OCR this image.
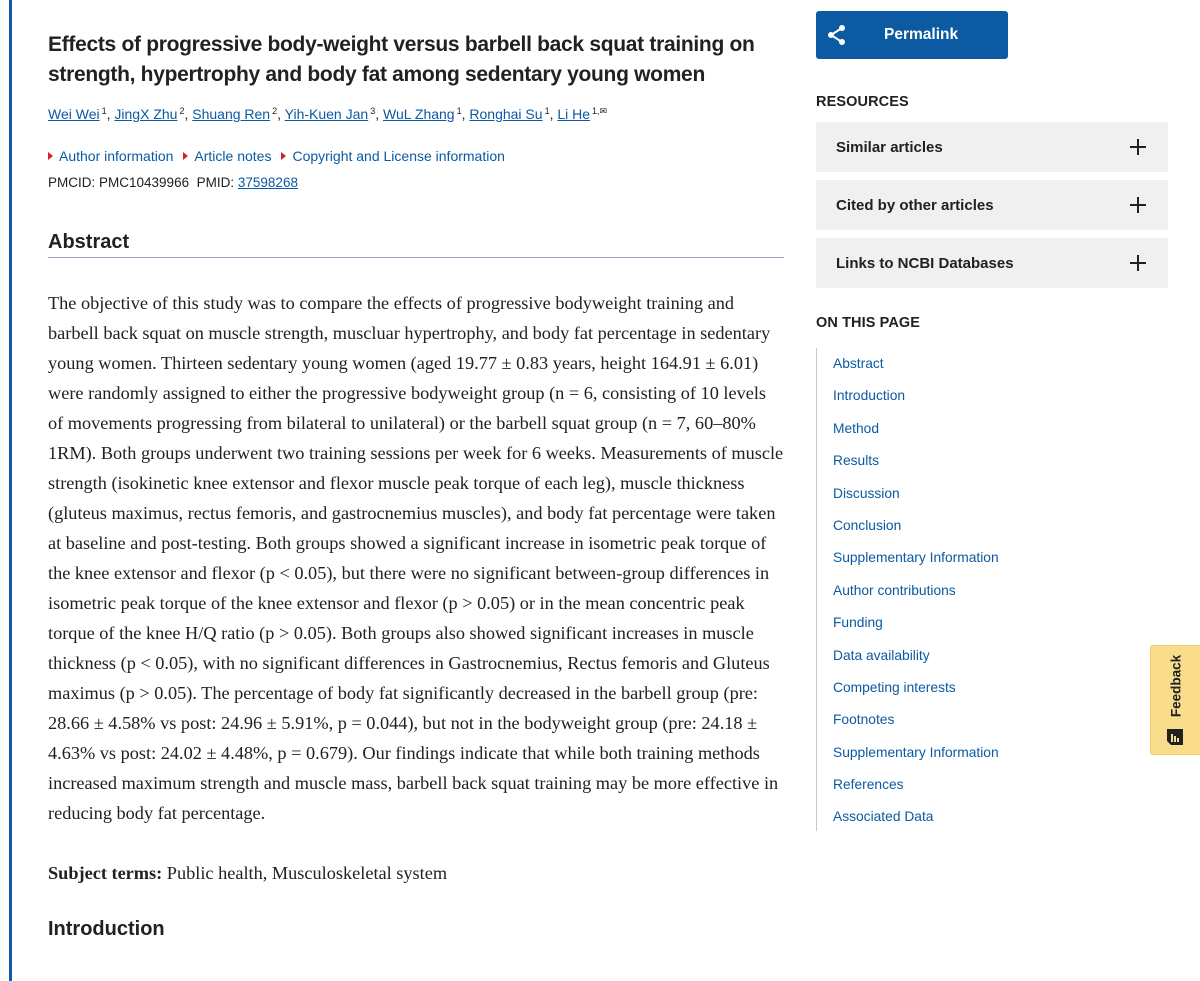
Effects of progressive body-weight versus barbell back squat training on strength, hypertrophy and body fat among sedentary young women
Wei Wei $^1$, JingX Zhu $^2$, Shuang Ren $^2$, Yih-Kuen Jan $^3$, WuL Zhang $^1$, Ronghai Su $^1$, Li He $^{1,✉}$
Author information Article notes Copyright and License information
PMCID: PMC10439966 PMID: 37598268
Abstract

The objective of this study was to compare the effects of progressive bodyweight training and barbell back squat on muscle strength, muscluar hypertrophy, and body fat percentage in sedentary young women. Thirteen sedentary young women (aged 19.77 ± 0.83 years, height 164.91 ± 6.01) were randomly assigned to either the progressive bodyweight group (n = 6, consisting of 10 levels of movements progressing from bilateral to unilateral) or the barbell squat group (n = 7, 60–80% 1RM). Both groups underwent two training sessions per week for 6 weeks. Measurements of muscle strength (isokinetic knee extensor and flexor muscle peak torque of each leg), muscle thickness (gluteus maximus, rectus femoris, and gastrocnemius muscles), and body fat percentage were taken at baseline and post-testing. Both groups showed a significant increase in isometric peak torque of the knee extensor and flexor (p < 0.05), but there were no significant between-group differences in isometric peak torque of the knee extensor and flexor (p > 0.05) or in the mean concentric peak torque of the knee H/Q ratio (p > 0.05). Both groups also showed significant increases in muscle thickness (p < 0.05), with no significant differences in Gastrocnemius, Rectus femoris and Gluteus maximus (p > 0.05). The percentage of body fat significantly decreased in the barbell group (pre: 28.66 ± 4.58% vs post: 24.96 ± 5.91%, p = 0.044), but not in the bodyweight group (pre: 24.18 ± 4.63% vs post: 24.02 ± 4.48%, p = 0.679). Our findings indicate that while both training methods increased maximum strength and muscle mass, barbell back squat training may be more effective in reducing body fat percentage.

Subject terms: Public health, Musculoskeletal system

Introduction
Permalink
RESOURCES
Similar articles
Cited by other articles
Links to NCBI Databases
ON THIS PAGE
Abstract
Introduction
Method
Results
Discussion
Conclusion
Supplementary Information
Author contributions
Funding
Data availability
Competing interests
Footnotes
Supplementary Information
References
Associated Data
Feedback
